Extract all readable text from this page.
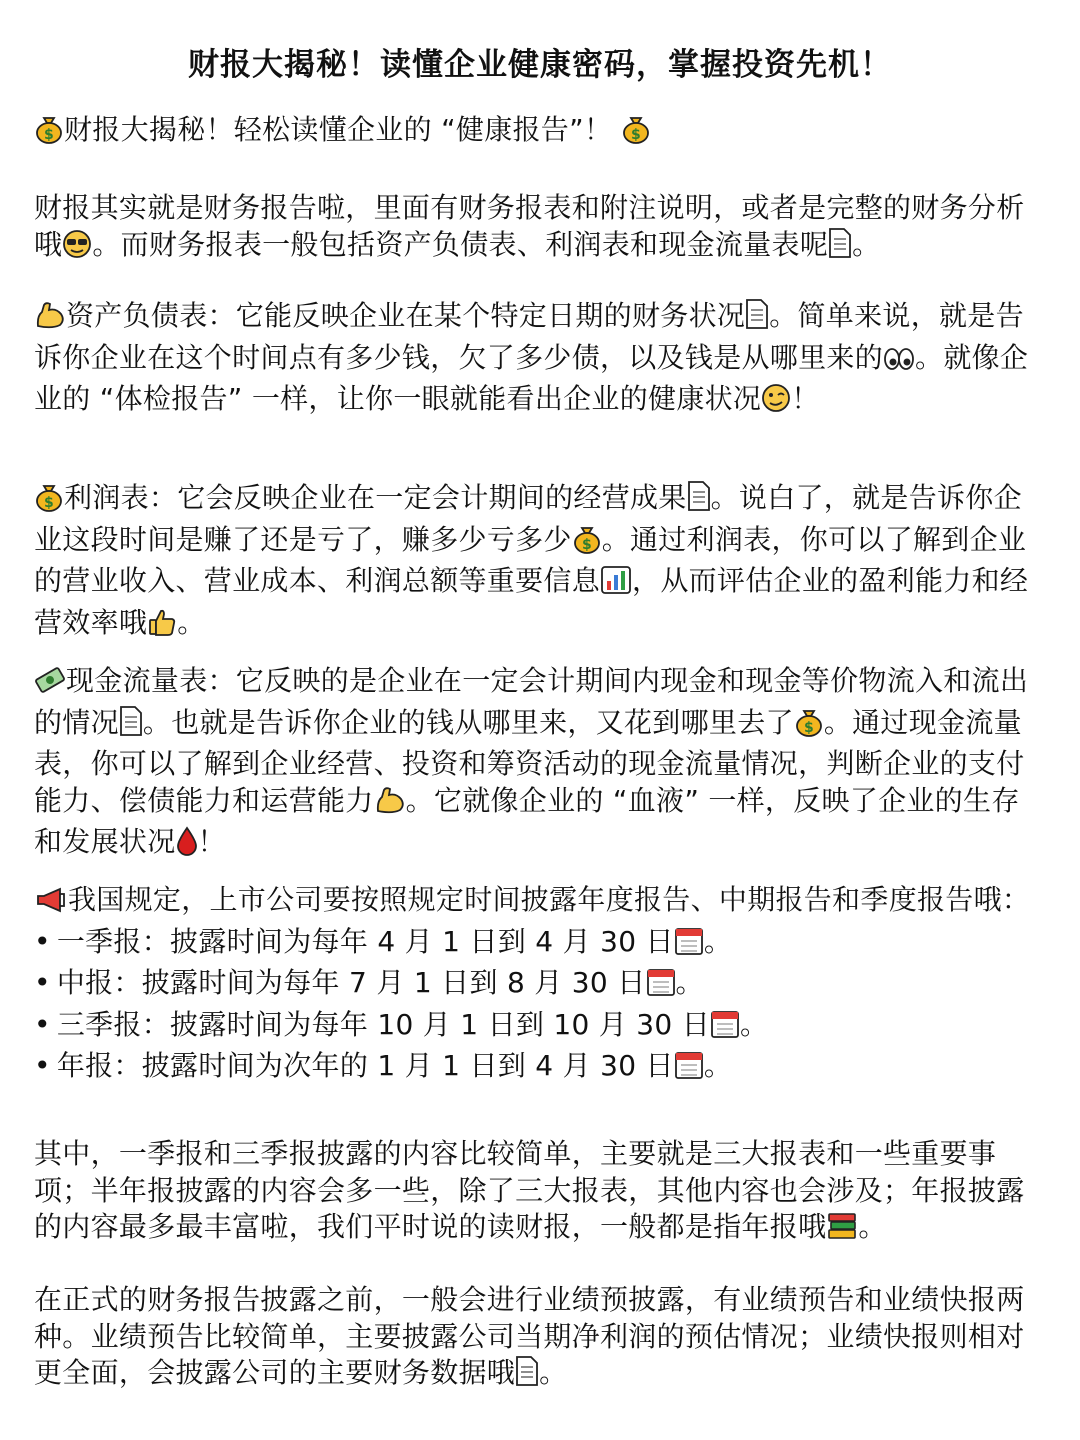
财报大揭秘！读懂企业健康密码，掌握投资先机！
$ 财报大揭秘！轻松读懂企业的 “健康报告”！ $
财报其实就是财务报告啦，里面有财务报表和附注说明，或者是完整的财务分析哦 。而财务报表一般包括资产负债表、利润表和现金流量表呢 。
资产负债表：它能反映企业在某个特定日期的财务状况 。简单来说，就是告诉你企业在这个时间点有多少钱，欠了多少债，以及钱是从哪里来的 。就像企业的 “体检报告” 一样，让你一眼就能看出企业的健康状况 ！
$ 利润表：它会反映企业在一定会计期间的经营成果 。说白了，就是告诉你企业这段时间是赚了还是亏了，赚多少亏多少 $ 。通过利润表，你可以了解到企业的营业收入、营业成本、利润总额等重要信息 ，从而评估企业的盈利能力和经营效率哦 。
现金流量表：它反映的是企业在一定会计期间内现金和现金等价物流入和流出的情况 。也就是告诉你企业的钱从哪里来，又花到哪里去了 $ 。通过现金流量表，你可以了解到企业经营、投资和筹资活动的现金流量情况，判断企业的支付能力、偿债能力和运营能力 。它就像企业的 “血液” 一样，反映了企业的生存和发展状况 ！
我国规定，上市公司要按照规定时间披露年度报告、中期报告和季度报告哦：
• 一季报：披露时间为每年 4 月 1 日到 4 月 30 日 。
• 中报：披露时间为每年 7 月 1 日到 8 月 30 日 。
• 三季报：披露时间为每年 10 月 1 日到 10 月 30 日 。
• 年报：披露时间为次年的 1 月 1 日到 4 月 30 日 。
其中，一季报和三季报披露的内容比较简单，主要就是三大报表和一些重要事项；半年报披露的内容会多一些，除了三大报表，其他内容也会涉及；年报披露的内容最多最丰富啦，我们平时说的读财报，一般都是指年报哦 。
在正式的财务报告披露之前，一般会进行业绩预披露，有业绩预告和业绩快报两种。业绩预告比较简单，主要披露公司当期净利润的预估情况；业绩快报则相对更全面，会披露公司的主要财务数据哦 。
